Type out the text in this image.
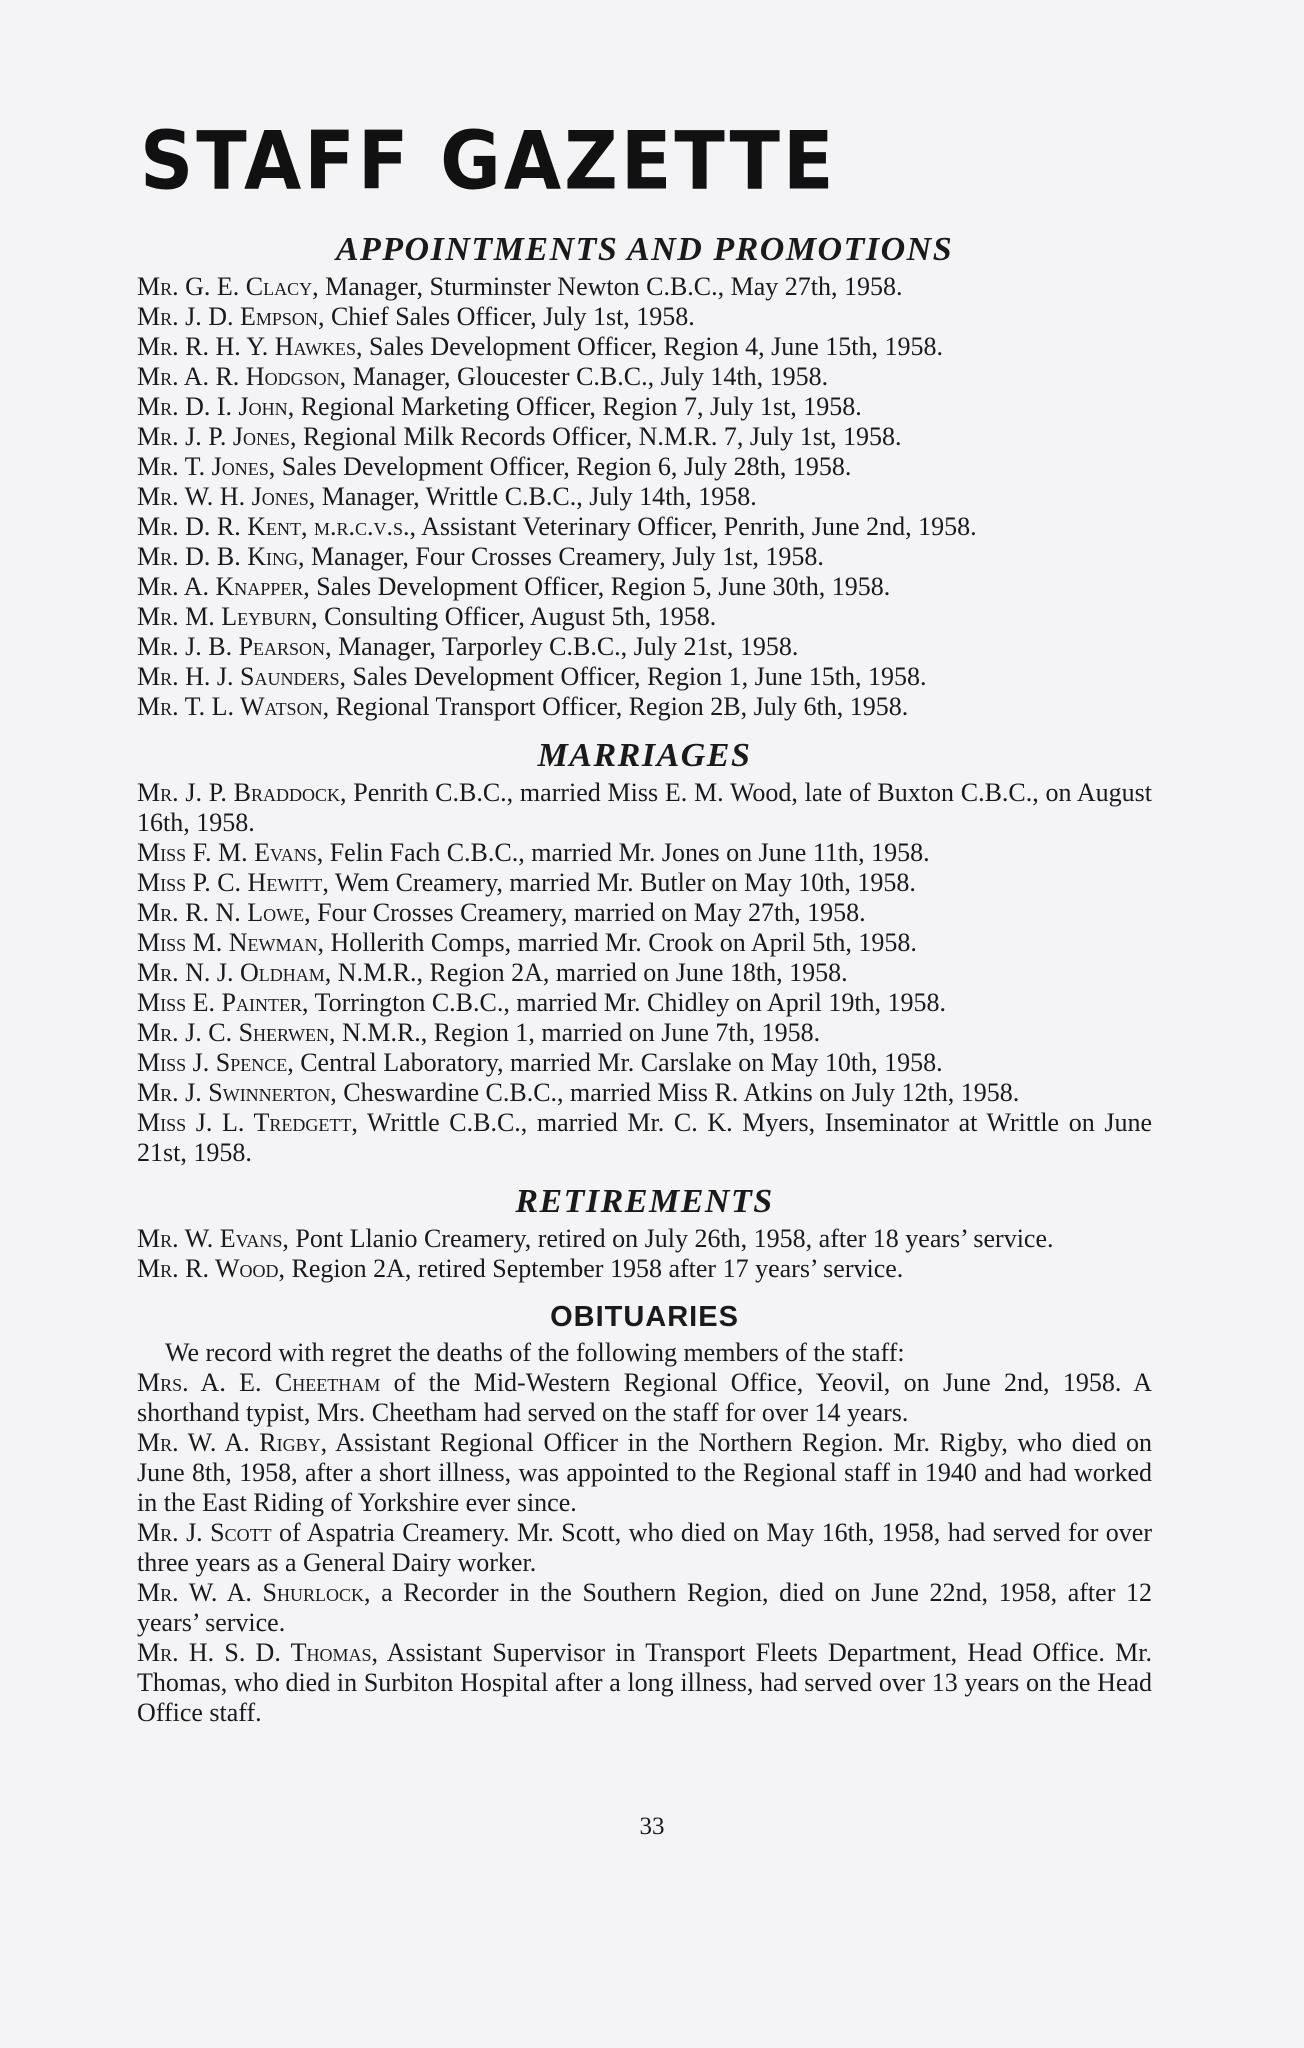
STAFF GAZETTE
APPOINTMENTS AND PROMOTIONS

Mr. G. E. Clacy, Manager, Sturminster Newton C.B.C., May 27th, 1958.

Mr. J. D. Empson, Chief Sales Officer, July 1st, 1958.

Mr. R. H. Y. Hawkes, Sales Development Officer, Region 4, June 15th, 1958.

Mr. A. R. Hodgson, Manager, Gloucester C.B.C., July 14th, 1958.

Mr. D. I. John, Regional Marketing Officer, Region 7, July 1st, 1958.

Mr. J. P. Jones, Regional Milk Records Officer, N.M.R. 7, July 1st, 1958.

Mr. T. Jones, Sales Development Officer, Region 6, July 28th, 1958.

Mr. W. H. Jones, Manager, Writtle C.B.C., July 14th, 1958.

Mr. D. R. Kent, m.r.c.v.s., Assistant Veterinary Officer, Penrith, June 2nd, 1958.

Mr. D. B. King, Manager, Four Crosses Creamery, July 1st, 1958.

Mr. A. Knapper, Sales Development Officer, Region 5, June 30th, 1958.

Mr. M. Leyburn, Consulting Officer, August 5th, 1958.

Mr. J. B. Pearson, Manager, Tarporley C.B.C., July 21st, 1958.

Mr. H. J. Saunders, Sales Development Officer, Region 1, June 15th, 1958.

Mr. T. L. Watson, Regional Transport Officer, Region 2B, July 6th, 1958.

MARRIAGES

Mr. J. P. Braddock, Penrith C.B.C., married Miss E. M. Wood, late of Buxton C.B.C., on August 16th, 1958.

Miss F. M. Evans, Felin Fach C.B.C., married Mr. Jones on June 11th, 1958.

Miss P. C. Hewitt, Wem Creamery, married Mr. Butler on May 10th, 1958.

Mr. R. N. Lowe, Four Crosses Creamery, married on May 27th, 1958.

Miss M. Newman, Hollerith Comps, married Mr. Crook on April 5th, 1958.

Mr. N. J. Oldham, N.M.R., Region 2A, married on June 18th, 1958.

Miss E. Painter, Torrington C.B.C., married Mr. Chidley on April 19th, 1958.

Mr. J. C. Sherwen, N.M.R., Region 1, married on June 7th, 1958.

Miss J. Spence, Central Laboratory, married Mr. Carslake on May 10th, 1958.

Mr. J. Swinnerton, Cheswardine C.B.C., married Miss R. Atkins on July 12th, 1958.

Miss J. L. Tredgett, Writtle C.B.C., married Mr. C. K. Myers, Inseminator at Writtle on June 21st, 1958.

RETIREMENTS

Mr. W. Evans, Pont Llanio Creamery, retired on July 26th, 1958, after 18 years’ service.

Mr. R. Wood, Region 2A, retired September 1958 after 17 years’ service.

OBITUARIES

We record with regret the deaths of the following members of the staff:

Mrs. A. E. Cheetham of the Mid-Western Regional Office, Yeovil, on June 2nd, 1958. A shorthand typist, Mrs. Cheetham had served on the staff for over 14 years.

Mr. W. A. Rigby, Assistant Regional Officer in the Northern Region. Mr. Rigby, who died on June 8th, 1958, after a short illness, was appointed to the Regional staff in 1940 and had worked in the East Riding of Yorkshire ever since.

Mr. J. Scott of Aspatria Creamery. Mr. Scott, who died on May 16th, 1958, had served for over three years as a General Dairy worker.

Mr. W. A. Shurlock, a Recorder in the Southern Region, died on June 22nd, 1958, after 12 years’ service.

Mr. H. S. D. Thomas, Assistant Supervisor in Transport Fleets Department, Head Office. Mr. Thomas, who died in Surbiton Hospital after a long illness, had served over 13 years on the Head Office staff.

33
